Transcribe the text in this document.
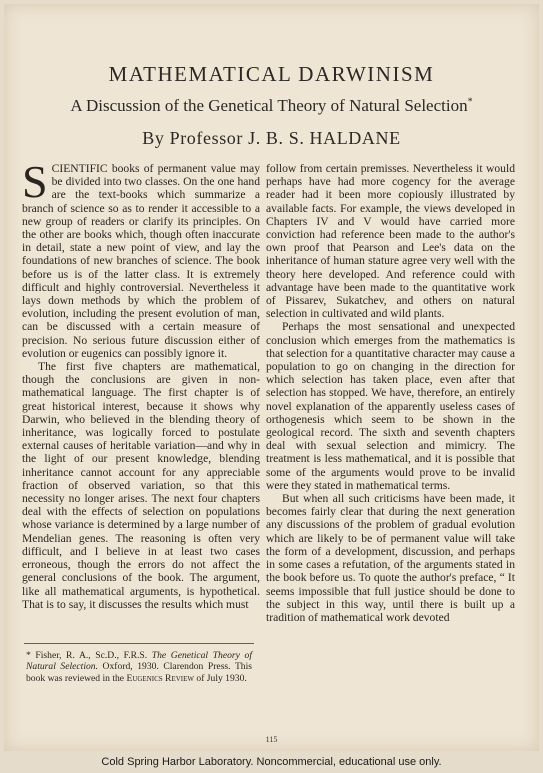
MATHEMATICAL DARWINISM
A Discussion of the Genetical Theory of Natural Selection*
By Professor J. B. S. HALDANE

SCIENTIFIC books of permanent value may be divided into two classes. On the one hand are the text-books which summarize a branch of science so as to render it accessible to a new group of readers or clarify its principles. On the other are books which, though often inaccurate in detail, state a new point of view, and lay the foundations of new branches of science. The book before us is of the latter class. It is extremely difficult and highly controversial. Nevertheless it lays down methods by which the problem of evolution, including the present evolution of man, can be discussed with a certain measure of precision. No serious future discussion either of evolution or eugenics can possibly ignore it.

The first five chapters are mathematical, though the conclusions are given in non-mathematical language. The first chapter is of great historical interest, because it shows why Darwin, who believed in the blending theory of inheritance, was logically forced to postulate external causes of heritable variation—and why in the light of our present knowledge, blending inheritance cannot account for any appreciable fraction of observed variation, so that this necessity no longer arises. The next four chapters deal with the effects of selection on populations whose variance is determined by a large number of Mendelian genes. The reasoning is often very difficult, and I believe in at least two cases erroneous, though the errors do not affect the general conclusions of the book. The argument, like all mathematical arguments, is hypothetical. That is to say, it discusses the results which must

follow from certain premisses. Nevertheless it would perhaps have had more cogency for the average reader had it been more copiously illustrated by available facts. For example, the views developed in Chapters IV and V would have carried more conviction had reference been made to the author's own proof that Pearson and Lee's data on the inheritance of human stature agree very well with the theory here developed. And reference could with advantage have been made to the quantitative work of Pissarev, Sukatchev, and others on natural selection in cultivated and wild plants.

Perhaps the most sensational and unexpected conclusion which emerges from the mathematics is that selection for a quantitative character may cause a population to go on changing in the direction for which selection has taken place, even after that selection has stopped. We have, therefore, an entirely novel explanation of the apparently useless cases of orthogenesis which seem to be shown in the geological record. The sixth and seventh chapters deal with sexual selection and mimicry. The treatment is less mathematical, and it is possible that some of the arguments would prove to be invalid were they stated in mathematical terms.

But when all such criticisms have been made, it becomes fairly clear that during the next generation any discussions of the problem of gradual evolution which are likely to be of permanent value will take the form of a development, discussion, and perhaps in some cases a refutation, of the arguments stated in the book before us. To quote the author's preface, “ It seems impossible that full justice should be done to the subject in this way, until there is built up a tradition of mathematical work devoted

* Fisher, R. A., Sc.D., F.R.S. The Genetical Theory of Natural Selection. Oxford, 1930. Clarendon Press. This book was reviewed in the Eugenics Review of July 1930.
115
Cold Spring Harbor Laboratory. Noncommercial, educational use only.
